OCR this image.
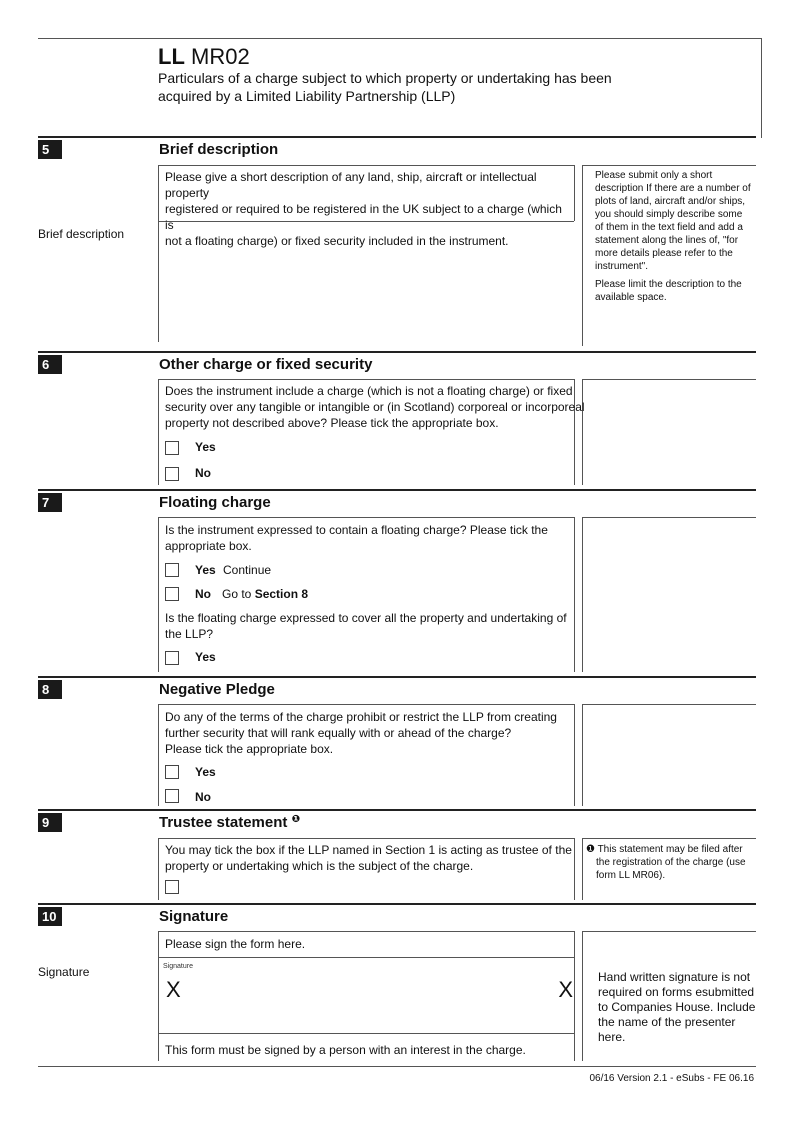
LL MR02
Particulars of a charge subject to which property or undertaking has been
acquired by a Limited Liability Partnership (LLP)
5	Brief description
Please give a short description of any land, ship, aircraft or intellectual property
registered or required to be registered in the UK subject to a charge (which is
not a floating charge) or fixed security included in the instrument.
Brief description
Please submit only a short
description If there are a number of
plots of land, aircraft and/or ships,
you should simply describe some
of them in the text field and add a
statement along the lines of, "for
more details please refer to the
instrument".
Please limit the description to the
available space.
6	Other charge or fixed security
Does the instrument include a charge (which is not a floating charge) or fixed
security over any tangible or intangible or (in Scotland) corporeal or incorporeal
property not described above? Please tick the appropriate box.
Yes
No
7	Floating charge
Is the instrument expressed to contain a floating charge? Please tick the
appropriate box.
Yes Continue
No Go to Section 8
Is the floating charge expressed to cover all the property and undertaking of
the LLP?
Yes
8	Negative Pledge
Do any of the terms of the charge prohibit or restrict the LLP from creating
further security that will rank equally with or ahead of the charge?
Please tick the appropriate box.
Yes
No
9	Trustee statement $^❶$
You may tick the box if the LLP named in Section 1 is acting as trustee of the
property or undertaking which is the subject of the charge.
❶ This statement may be filed after
the registration of the charge (use
form LL MR06).
10	Signature
Please sign the form here.
Signature	Signature
X	X
This form must be signed by a person with an interest in the charge.
Hand written signature is not
required on forms esubmitted
to Companies House. Include
the name of the presenter here.
06/16 Version 2.1 - eSubs - FE 06.16
